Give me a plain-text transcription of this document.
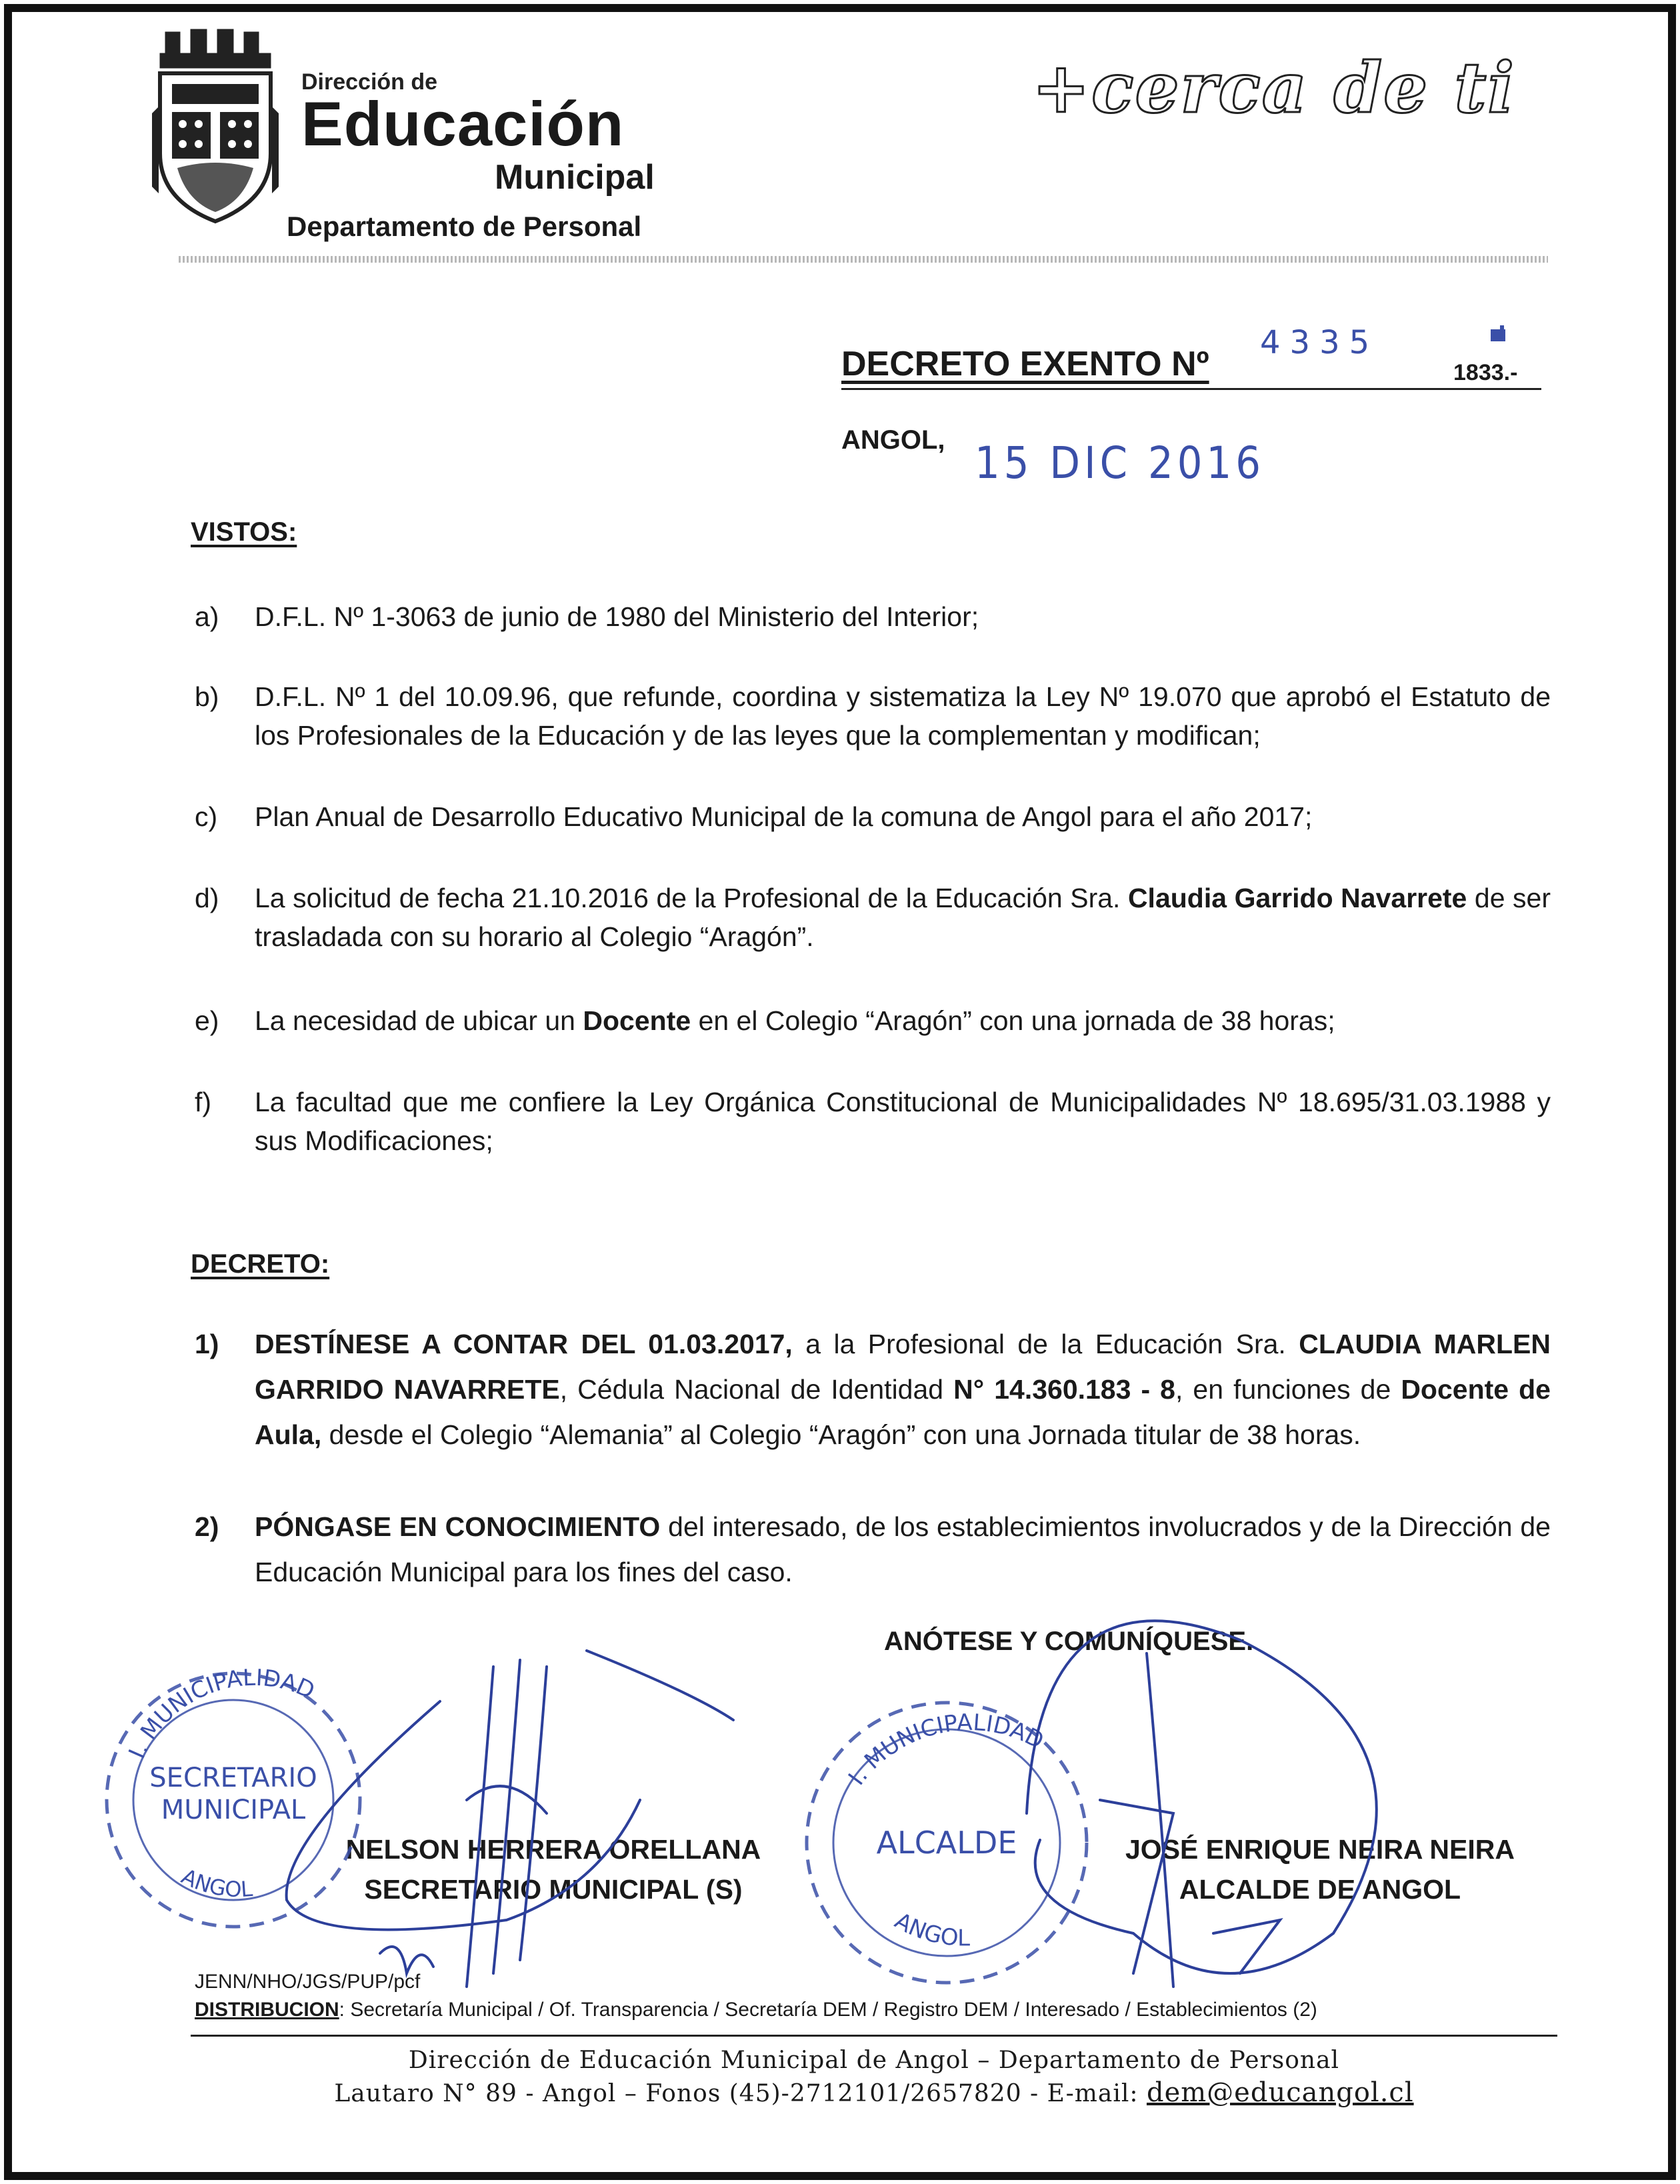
Dirección de
Educación
Municipal
Departamento de Personal
+cerca de ti
DECRETO EXENTO Nº
4335
1833.-
ANGOL, 15 DIC 2016
VISTOS:
a) D.F.L. Nº 1-3063 de junio de 1980 del Ministerio del Interior;
b) D.F.L. Nº 1 del 10.09.96, que refunde, coordina y sistematiza la Ley Nº 19.070 que aprobó el Estatuto de los Profesionales de la Educación y de las leyes que la complementan y modifican;
c) Plan Anual de Desarrollo Educativo Municipal de la comuna de Angol para el año 2017;
d) La solicitud de fecha 21.10.2016 de la Profesional de la Educación Sra. Claudia Garrido Navarrete de ser trasladada con su horario al Colegio “Aragón”.
e) La necesidad de ubicar un Docente en el Colegio “Aragón” con una jornada de 38 horas;
f) La facultad que me confiere la Ley Orgánica Constitucional de Municipalidades Nº 18.695/31.03.1988 y sus Modificaciones;
DECRETO:
1) DESTÍNESE A CONTAR DEL 01.03.2017, a la Profesional de la Educación Sra. CLAUDIA MARLEN GARRIDO NAVARRETE, Cédula Nacional de Identidad N° 14.360.183 - 8, en funciones de Docente de Aula, desde el Colegio “Alemania” al Colegio “Aragón” con una Jornada titular de 38 horas.
2) PÓNGASE EN CONOCIMIENTO del interesado, de los establecimientos involucrados y de la Dirección de Educación Municipal para los fines del caso.
ANÓTESE Y COMUNÍQUESE.
NELSON HERRERA ORELLANA
SECRETARIO MUNICIPAL (S)
JOSÉ ENRIQUE NEIRA NEIRA
ALCALDE DE ANGOL
I. MUNICIPALIDAD
SECRETARIO
MUNICIPAL
ANGOL
I. MUNICIPALIDAD
ALCALDE
ANGOL
JENN/NHO/JGS/PUP/pcf
DISTRIBUCION: Secretaría Municipal / Of. Transparencia / Secretaría DEM / Registro DEM / Interesado / Establecimientos (2)
Dirección de Educación Municipal de Angol – Departamento de Personal
Lautaro N° 89 - Angol – Fonos (45)-2712101/2657820 - E-mail: dem@educangol.cl
